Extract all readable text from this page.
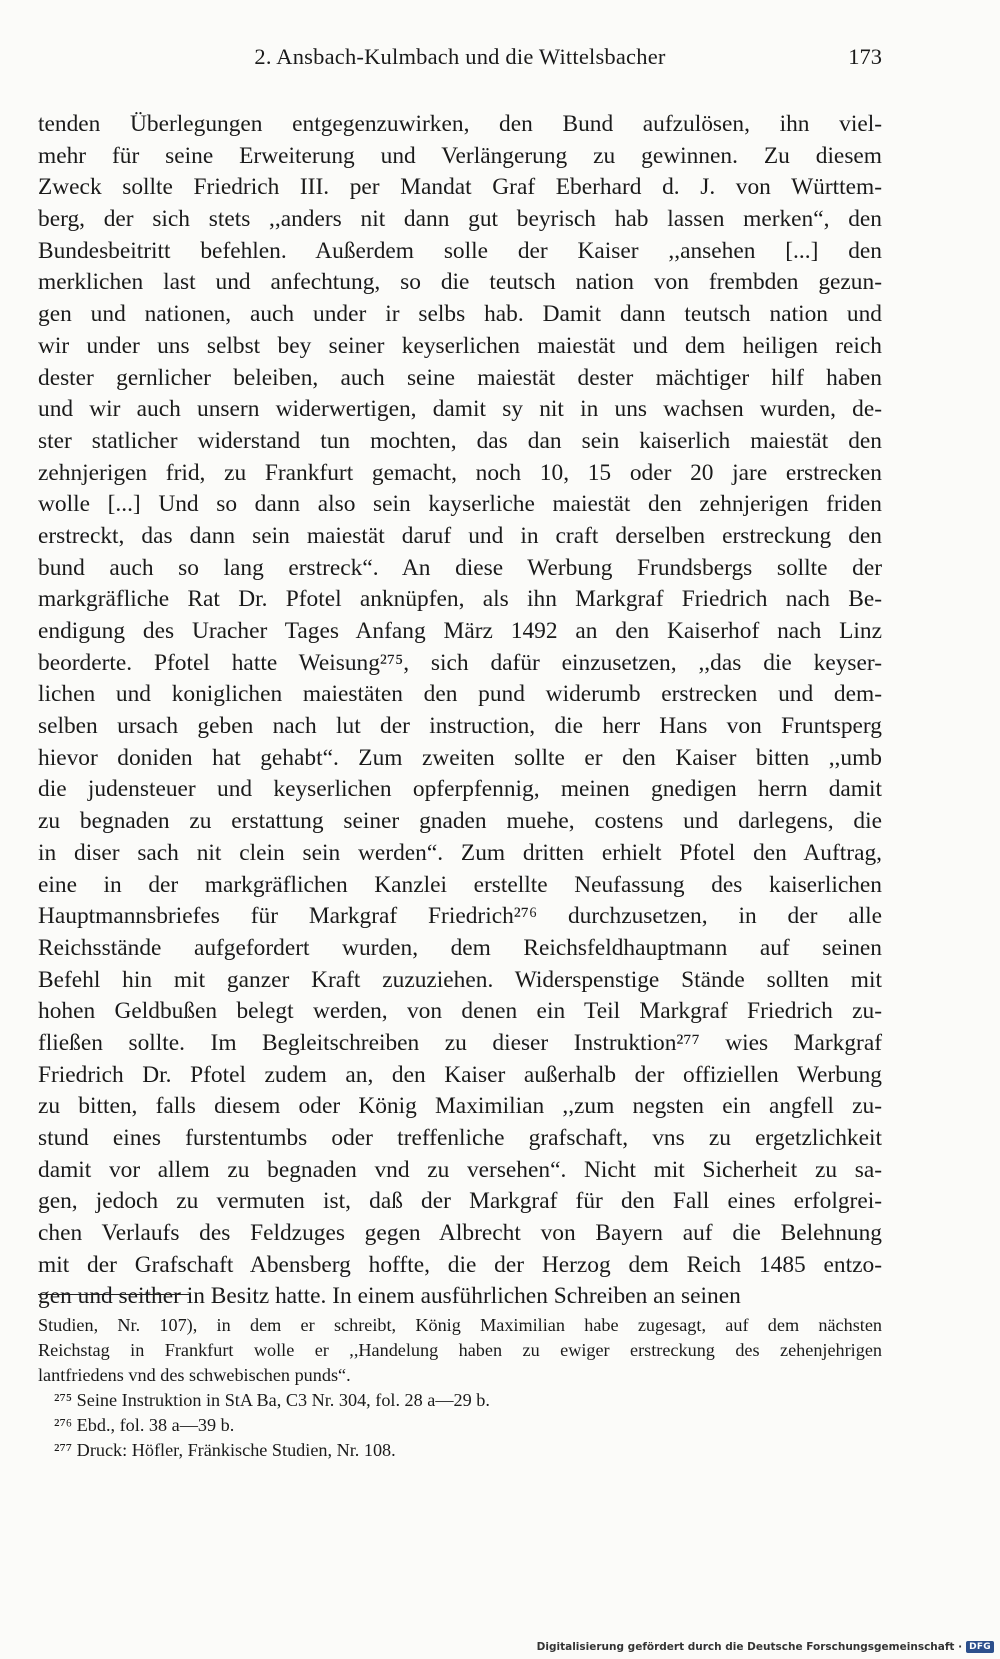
2. Ansbach-Kulmbach und die Wittelsbacher	173
tenden Überlegungen entgegenzuwirken, den Bund aufzulösen, ihn viel-
mehr für seine Erweiterung und Verlängerung zu gewinnen. Zu diesem
Zweck sollte Friedrich III. per Mandat Graf Eberhard d. J. von Württem-
berg, der sich stets ,,anders nit dann gut beyrisch hab lassen merken“, den
Bundesbeitritt befehlen. Außerdem solle der Kaiser ,,ansehen [...] den
merklichen last und anfechtung, so die teutsch nation von frembden gezun-
gen und nationen, auch under ir selbs hab. Damit dann teutsch nation und
wir under uns selbst bey seiner keyserlichen maiestät und dem heiligen reich
dester gernlicher beleiben, auch seine maiestät dester mächtiger hilf haben
und wir auch unsern widerwertigen, damit sy nit in uns wachsen wurden, de-
ster statlicher widerstand tun mochten, das dan sein kaiserlich maiestät den
zehnjerigen frid, zu Frankfurt gemacht, noch 10, 15 oder 20 jare erstrecken
wolle [...] Und so dann also sein kayserliche maiestät den zehnjerigen friden
erstreckt, das dann sein maiestät daruf und in craft derselben erstreckung den
bund auch so lang erstreck“. An diese Werbung Frundsbergs sollte der
markgräfliche Rat Dr. Pfotel anknüpfen, als ihn Markgraf Friedrich nach Be-
endigung des Uracher Tages Anfang März 1492 an den Kaiserhof nach Linz
beorderte. Pfotel hatte Weisung²⁷⁵, sich dafür einzusetzen, ,,das die keyser-
lichen und koniglichen maiestäten den pund widerumb erstrecken und dem-
selben ursach geben nach lut der instruction, die herr Hans von Fruntsperg
hievor doniden hat gehabt“. Zum zweiten sollte er den Kaiser bitten ,,umb
die judensteuer und keyserlichen opferpfennig, meinen gnedigen herrn damit
zu begnaden zu erstattung seiner gnaden muehe, costens und darlegens, die
in diser sach nit clein sein werden“. Zum dritten erhielt Pfotel den Auftrag,
eine in der markgräflichen Kanzlei erstellte Neufassung des kaiserlichen
Hauptmannsbriefes für Markgraf Friedrich²⁷⁶ durchzusetzen, in der alle
Reichsstände aufgefordert wurden, dem Reichsfeldhauptmann auf seinen
Befehl hin mit ganzer Kraft zuzuziehen. Widerspenstige Stände sollten mit
hohen Geldbußen belegt werden, von denen ein Teil Markgraf Friedrich zu-
fließen sollte. Im Begleitschreiben zu dieser Instruktion²⁷⁷ wies Markgraf
Friedrich Dr. Pfotel zudem an, den Kaiser außerhalb der offiziellen Werbung
zu bitten, falls diesem oder König Maximilian ,,zum negsten ein angfell zu-
stund eines furstentumbs oder treffenliche grafschaft, vns zu ergetzlichkeit
damit vor allem zu begnaden vnd zu versehen“. Nicht mit Sicherheit zu sa-
gen, jedoch zu vermuten ist, daß der Markgraf für den Fall eines erfolgrei-
chen Verlaufs des Feldzuges gegen Albrecht von Bayern auf die Belehnung
mit der Grafschaft Abensberg hoffte, die der Herzog dem Reich 1485 entzo-
gen und seither in Besitz hatte. In einem ausführlichen Schreiben an seinen
Studien, Nr. 107), in dem er schreibt, König Maximilian habe zugesagt, auf dem nächsten
Reichstag in Frankfurt wolle er ,,Handelung haben zu ewiger erstreckung des zehenjehrigen
lantfriedens vnd des schwebischen punds“.
²⁷⁵ Seine Instruktion in StA Ba, C3 Nr. 304, fol. 28 a—29 b.
²⁷⁶ Ebd., fol. 38 a—39 b.
²⁷⁷ Druck: Höfler, Fränkische Studien, Nr. 108.
Digitalisierung gefördert durch die Deutsche Forschungsgemeinschaft · DFG
